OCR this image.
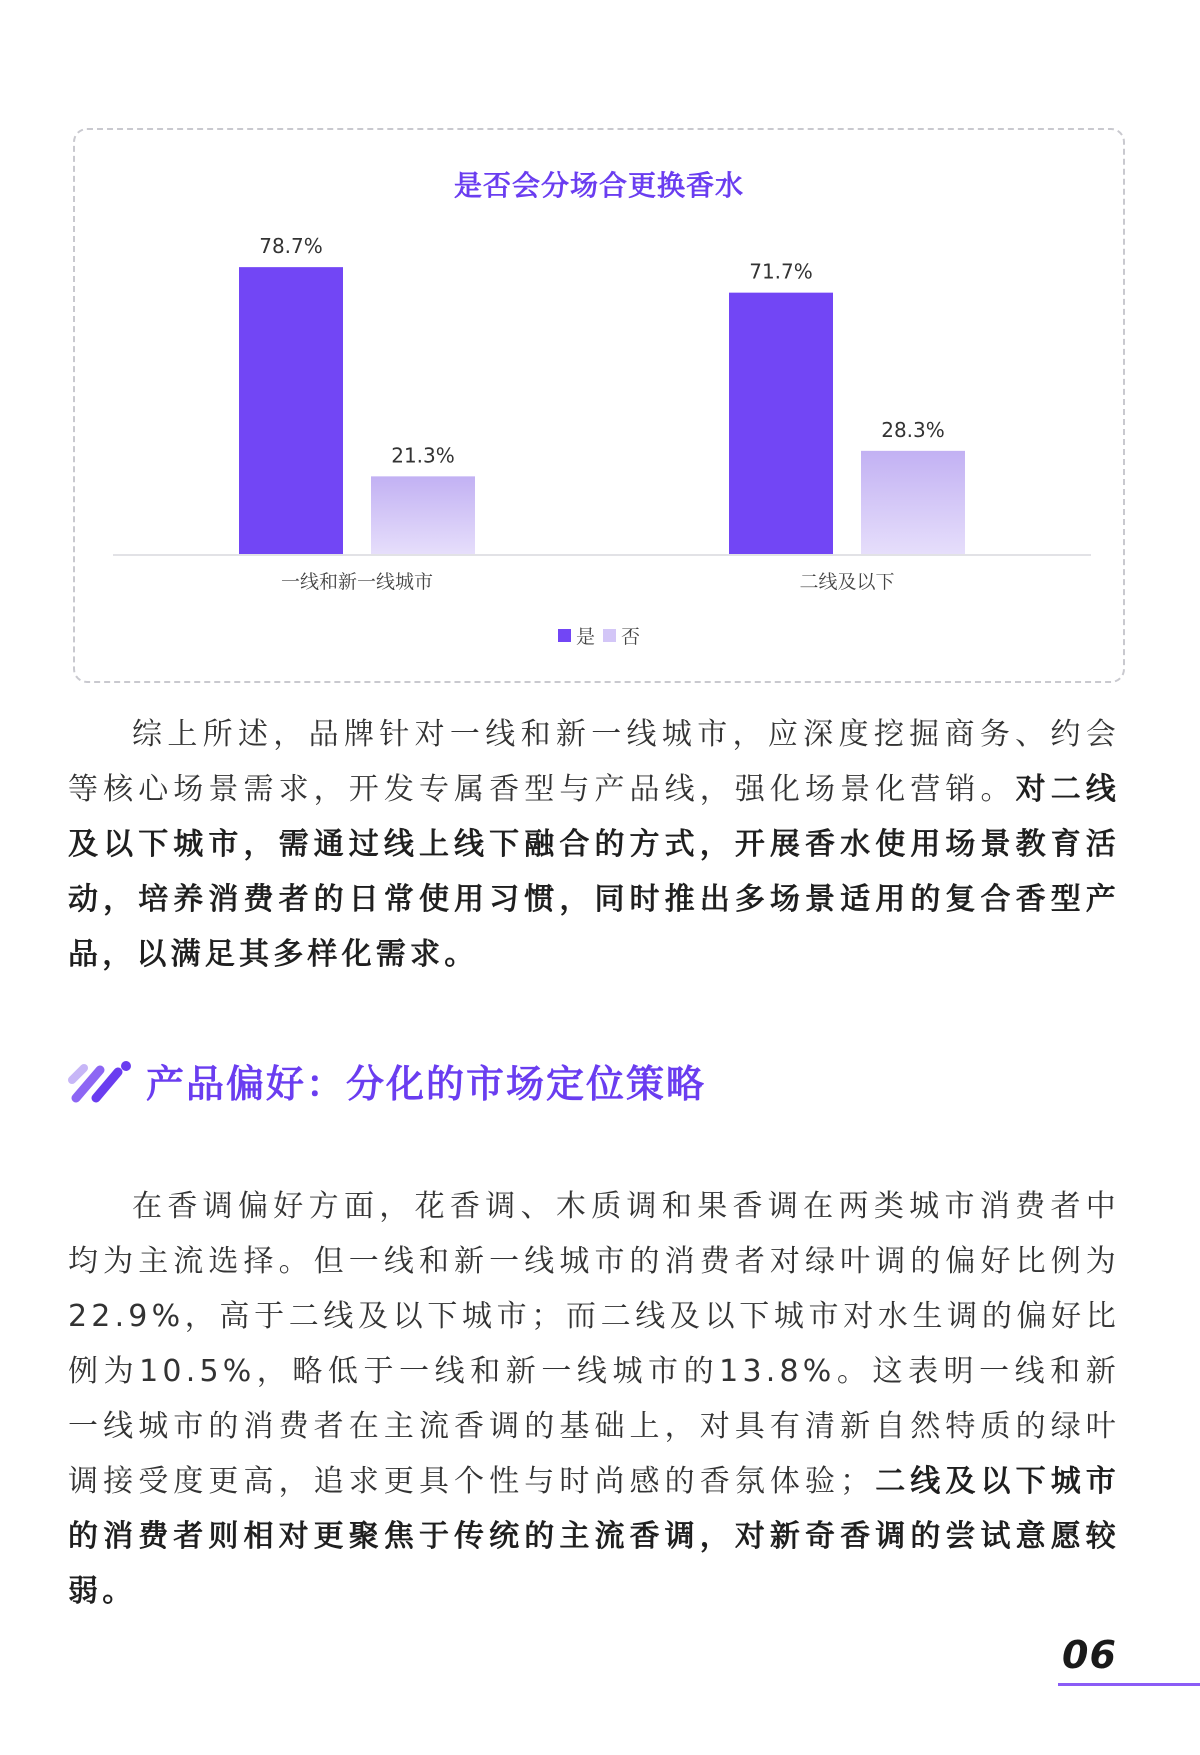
是否会分场合更换香水
78.7%
21.3%
一线和新一线城市
71.7%
28.3%
二线及以下
是 否

综上所述，品牌针对一线和新一线城市，应深度挖掘商务、约会等核心场景需求，开发专属香型与产品线，强化场景化营销。对二线及以下城市，需通过线上线下融合的方式，开展香水使用场景教育活动，培养消费者的日常使用习惯，同时推出多场景适用的复合香型产品，以满足其多样化需求。

产品偏好：分化的市场定位策略

在香调偏好方面，花香调、木质调和果香调在两类城市消费者中均为主流选择。但一线和新一线城市的消费者对绿叶调的偏好比例为22.9%，高于二线及以下城市；而二线及以下城市对水生调的偏好比例为10.5%，略低于一线和新一线城市的13.8%。这表明一线和新一线城市的消费者在主流香调的基础上，对具有清新自然特质的绿叶调接受度更高，追求更具个性与时尚感的香氛体验；二线及以下城市的消费者则相对更聚焦于传统的主流香调，对新奇香调的尝试意愿较弱。

06
